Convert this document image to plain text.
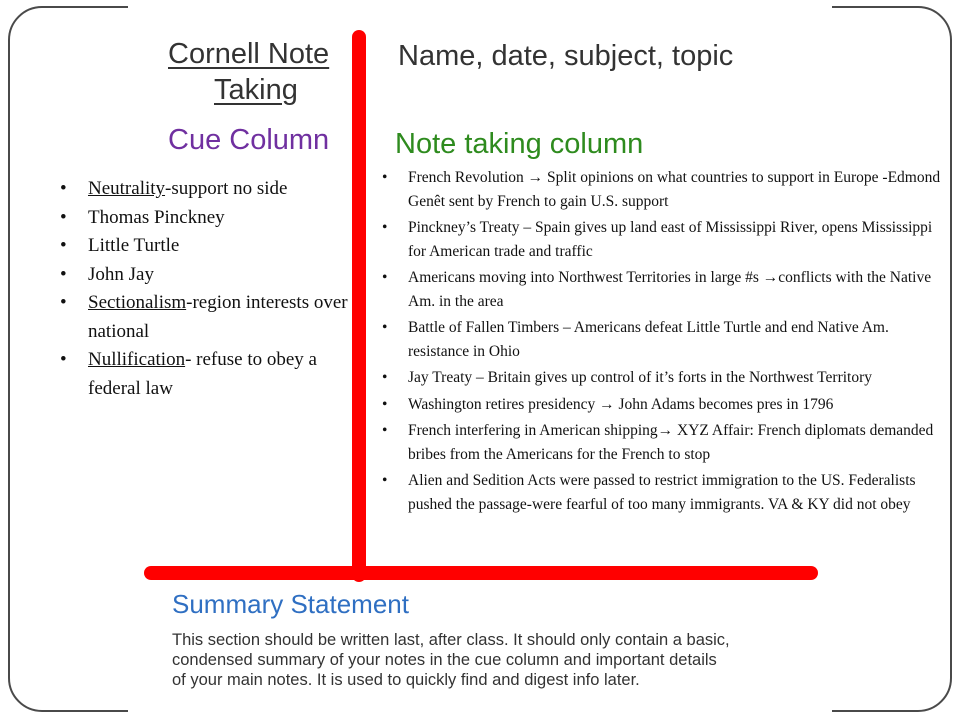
Cornell Note
Taking
Name, date, subject, topic
Cue Column Note taking column
• Neutrality-support no side
• Thomas Pinckney
• Little Turtle
• John Jay
• Sectionalism-region interests over national
• Nullification- refuse to obey a federal law
• French Revolution → Split opinions on what countries to support in Europe -Edmond Genêt sent by French to gain U.S. support
• Pinckney’s Treaty – Spain gives up land east of Mississippi River, opens Mississippi for American trade and traffic
• Americans moving into Northwest Territories in large #s →conflicts with the Native Am. in the area
• Battle of Fallen Timbers – Americans defeat Little Turtle and end Native Am. resistance in Ohio
• Jay Treaty – Britain gives up control of it’s forts in the Northwest Territory
• Washington retires presidency → John Adams becomes pres in 1796
• French interfering in American shipping→ XYZ Affair: French diplomats demanded bribes from the Americans for the French to stop
• Alien and Sedition Acts were passed to restrict immigration to the US. Federalists pushed the passage-were fearful of too many immigrants. VA & KY did not obey
Summary Statement
This section should be written last, after class. It should only contain a basic,
condensed summary of your notes in the cue column and important details
of your main notes. It is used to quickly find and digest info later.
